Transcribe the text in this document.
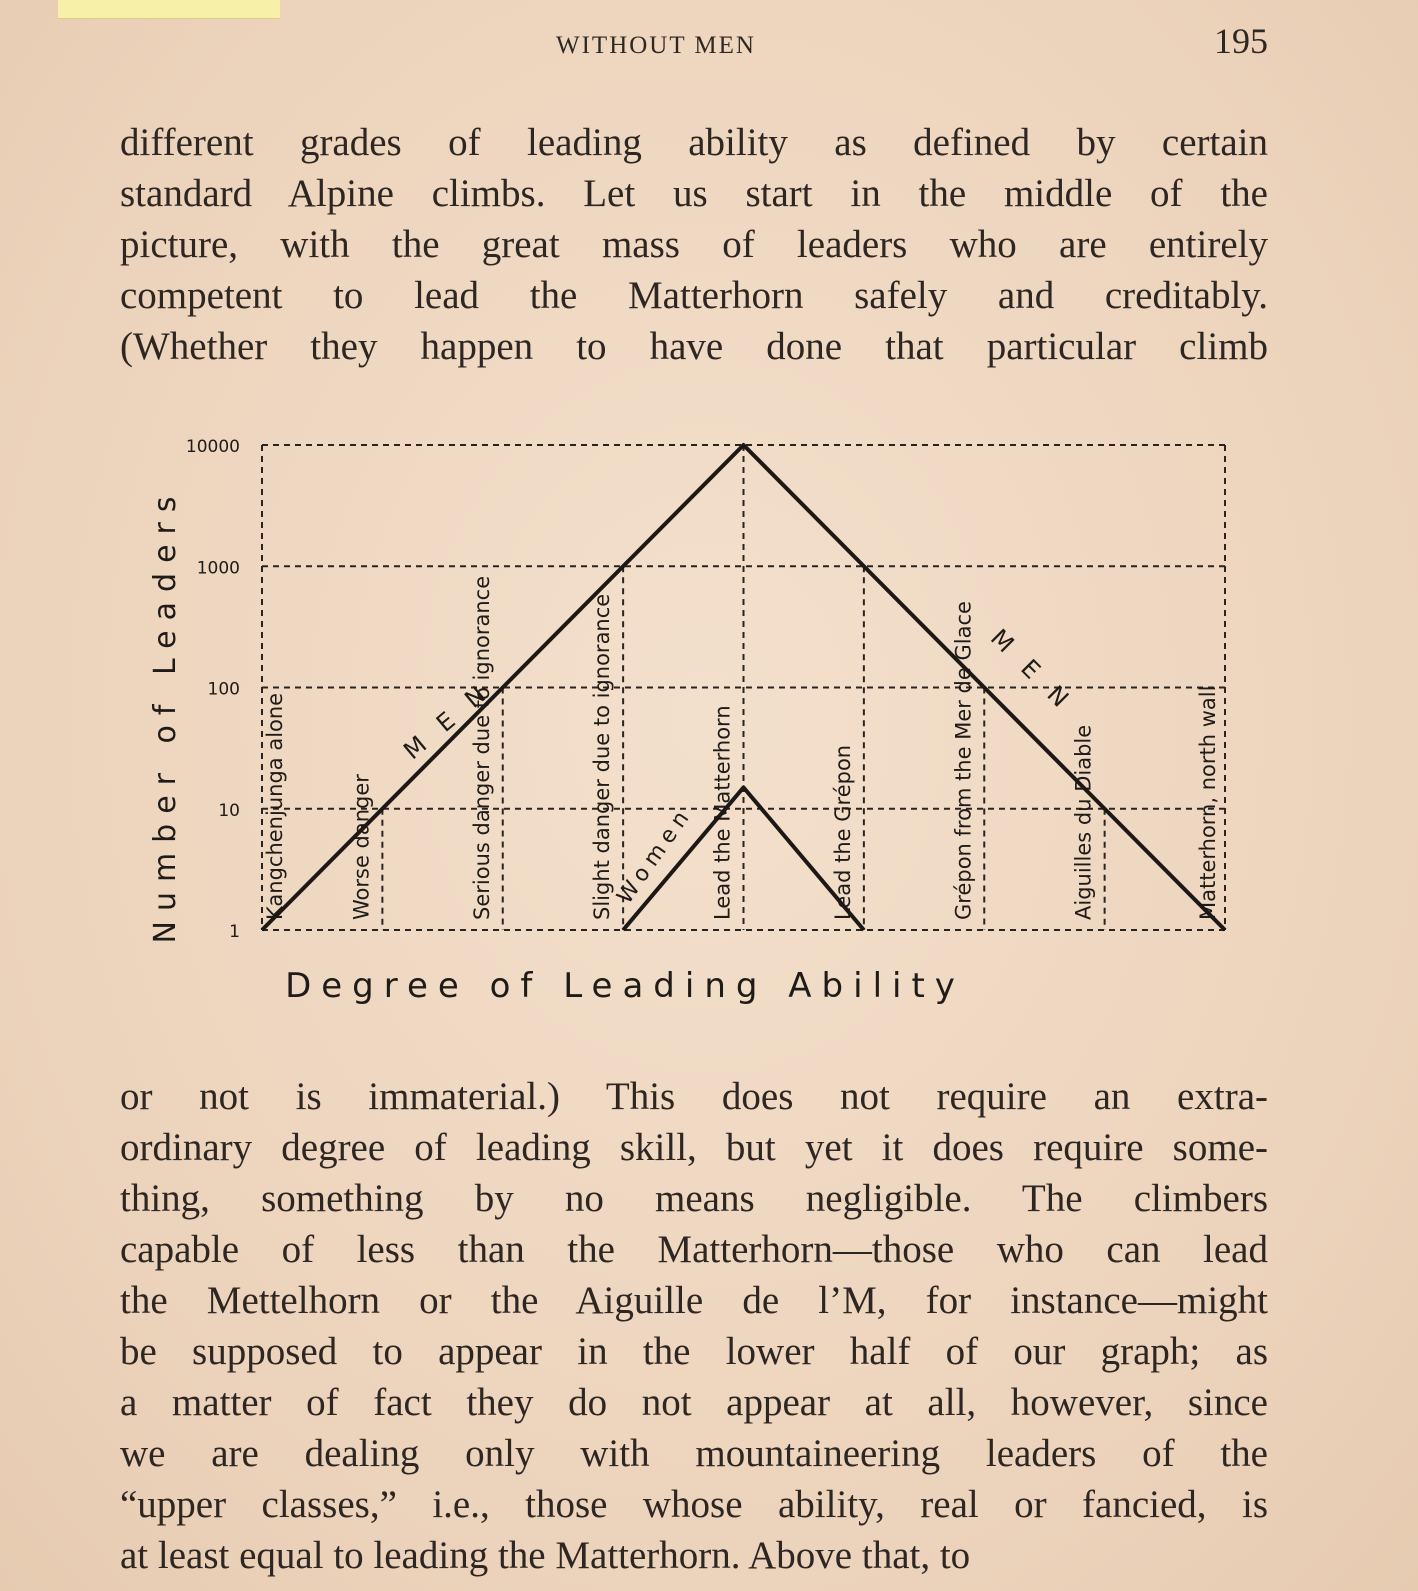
WITHOUT MEN	195
different grades of leading ability as defined by certain
standard Alpine climbs. Let us start in the middle of the
picture, with the great mass of leaders who are entirely
competent to lead the Matterhorn safely and creditably.
(Whether they happen to have done that particular climb
1
10
100
1000
10000
Kangchenjunga alone	Worse danger	Serious danger due to ignorance	Slight danger due to ignorance	Lead the Matterhorn	Lead the Grépon	Grépon from the Mer de Glace	Aiguilles du Diable	Matterhorn, north wall
MEN	MEN
Women
Degree of Leading Ability
Number of Leaders
or not is immaterial.) This does not require an extra-
ordinary degree of leading skill, but yet it does require some-
thing, something by no means negligible. The climbers
capable of less than the Matterhorn—those who can lead
the Mettelhorn or the Aiguille de l’M, for instance—might
be supposed to appear in the lower half of our graph; as
a matter of fact they do not appear at all, however, since
we are dealing only with mountaineering leaders of the
“upper classes,” i.e., those whose ability, real or fancied, is
at least equal to leading the Matterhorn. Above that, to
